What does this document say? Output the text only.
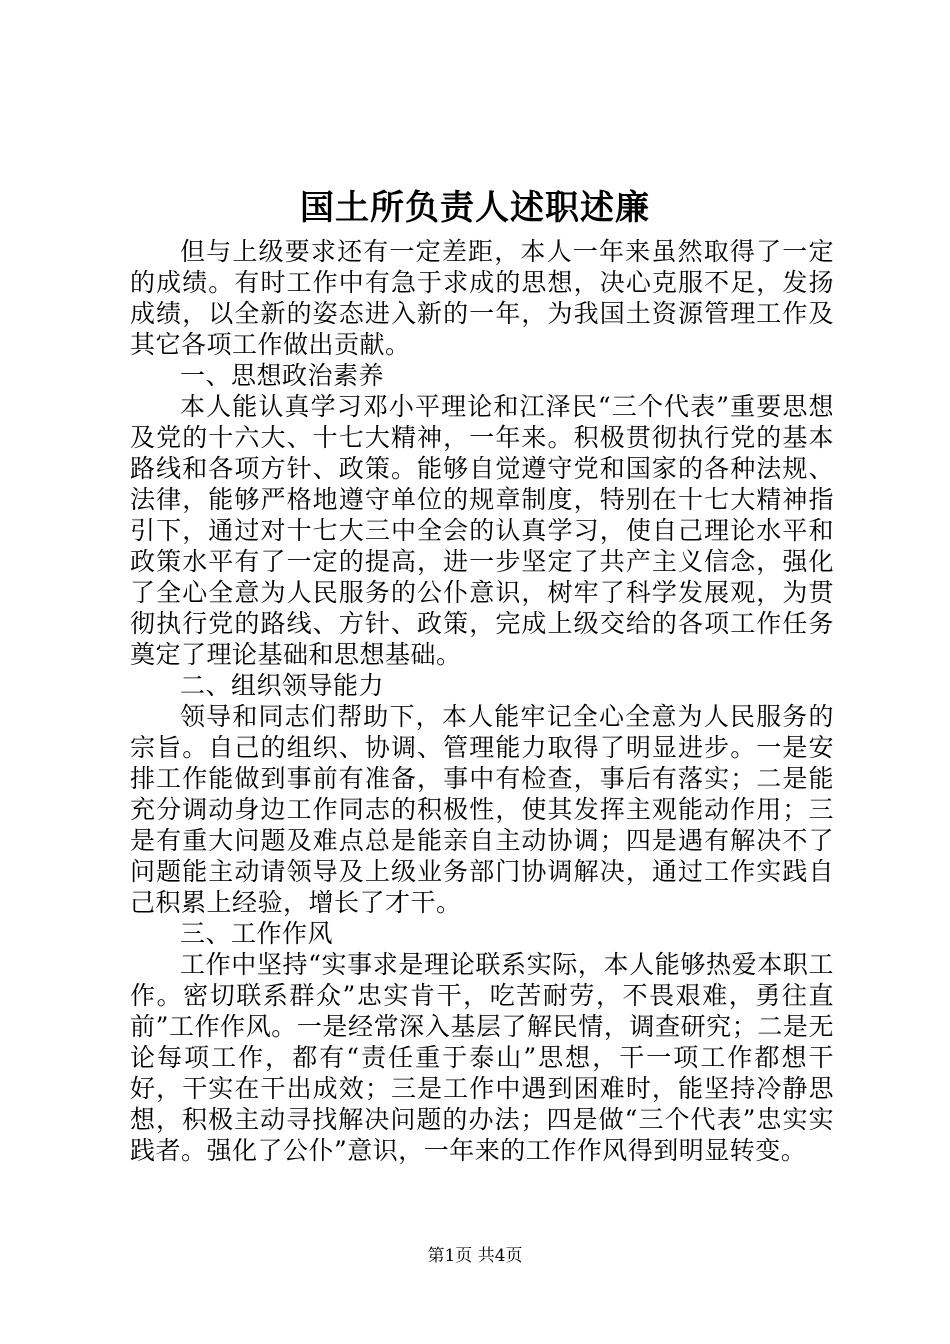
国土所负责人述职述廉

但与上级要求还有一定差距，本人一年来虽然取得了一定的成绩。有时工作中有急于求成的思想，决心克服不足，发扬成绩，以全新的姿态进入新的一年，为我国土资源管理工作及其它各项工作做出贡献。

一、思想政治素养

本人能认真学习邓小平理论和江泽民“三个代表”重要思想及党的十六大、十七大精神，一年来。积极贯彻执行党的基本路线和各项方针、政策。能够自觉遵守党和国家的各种法规、法律，能够严格地遵守单位的规章制度，特别在十七大精神指引下，通过对十七大三中全会的认真学习，使自己理论水平和政策水平有了一定的提高，进一步坚定了共产主义信念，强化了全心全意为人民服务的公仆意识，树牢了科学发展观，为贯彻执行党的路线、方针、政策，完成上级交给的各项工作任务奠定了理论基础和思想基础。

二、组织领导能力

领导和同志们帮助下，本人能牢记全心全意为人民服务的宗旨。自己的组织、协调、管理能力取得了明显进步。一是安排工作能做到事前有准备，事中有检查，事后有落实；二是能充分调动身边工作同志的积极性，使其发挥主观能动作用；三是有重大问题及难点总是能亲自主动协调；四是遇有解决不了问题能主动请领导及上级业务部门协调解决，通过工作实践自己积累上经验，增长了才干。

三、工作作风

工作中坚持“实事求是理论联系实际，本人能够热爱本职工作。密切联系群众”忠实肯干，吃苦耐劳，不畏艰难，勇往直前”工作作风。一是经常深入基层了解民情，调查研究；二是无论每项工作，都有“责任重于泰山”思想，干一项工作都想干好，干实在干出成效；三是工作中遇到困难时，能坚持冷静思想，积极主动寻找解决问题的办法；四是做“三个代表”忠实实践者。强化了公仆”意识，一年来的工作作风得到明显转变。

第1页 共4页
